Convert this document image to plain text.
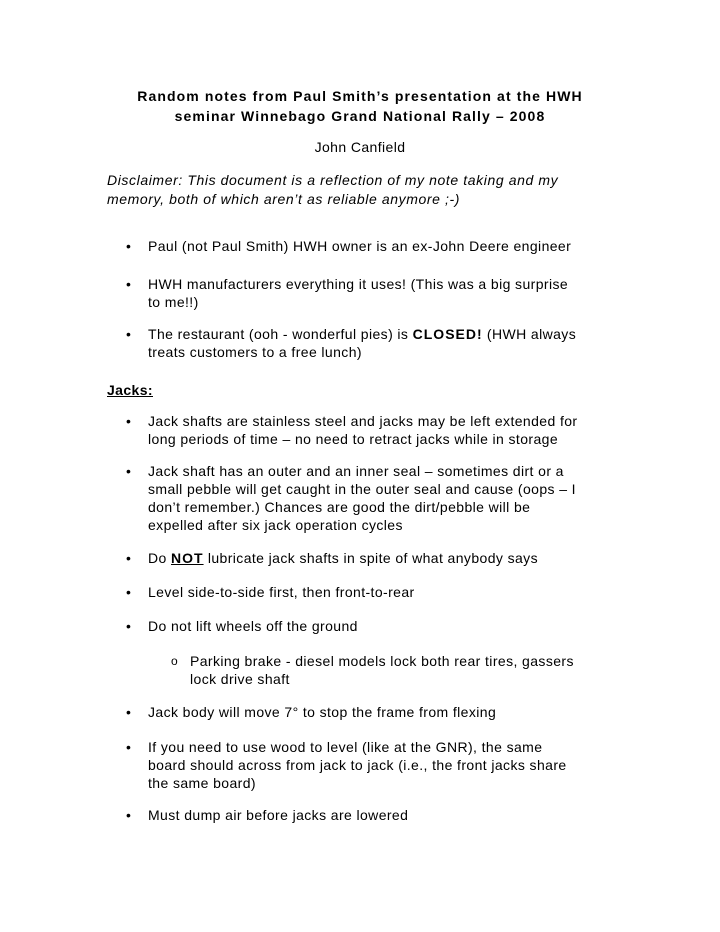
Random notes from Paul Smith’s presentation at the HWH
seminar Winnebago Grand National Rally – 2008
John Canfield
Disclaimer: This document is a reflection of my note taking and my
memory, both of which aren’t as reliable anymore ;-)
• Paul (not Paul Smith) HWH owner is an ex-John Deere engineer
• HWH manufacturers everything it uses! (This was a big surprise
to me!!)
• The restaurant (ooh - wonderful pies) is CLOSED! (HWH always
treats customers to a free lunch)
Jacks:
• Jack shafts are stainless steel and jacks may be left extended for
long periods of time – no need to retract jacks while in storage
• Jack shaft has an outer and an inner seal – sometimes dirt or a
small pebble will get caught in the outer seal and cause (oops – I
don’t remember.) Chances are good the dirt/pebble will be
expelled after six jack operation cycles
• Do NOT lubricate jack shafts in spite of what anybody says
• Level side-to-side first, then front-to-rear
• Do not lift wheels off the ground
o Parking brake - diesel models lock both rear tires, gassers
lock drive shaft
• Jack body will move 7° to stop the frame from flexing
• If you need to use wood to level (like at the GNR), the same
board should across from jack to jack (i.e., the front jacks share
the same board)
• Must dump air before jacks are lowered
